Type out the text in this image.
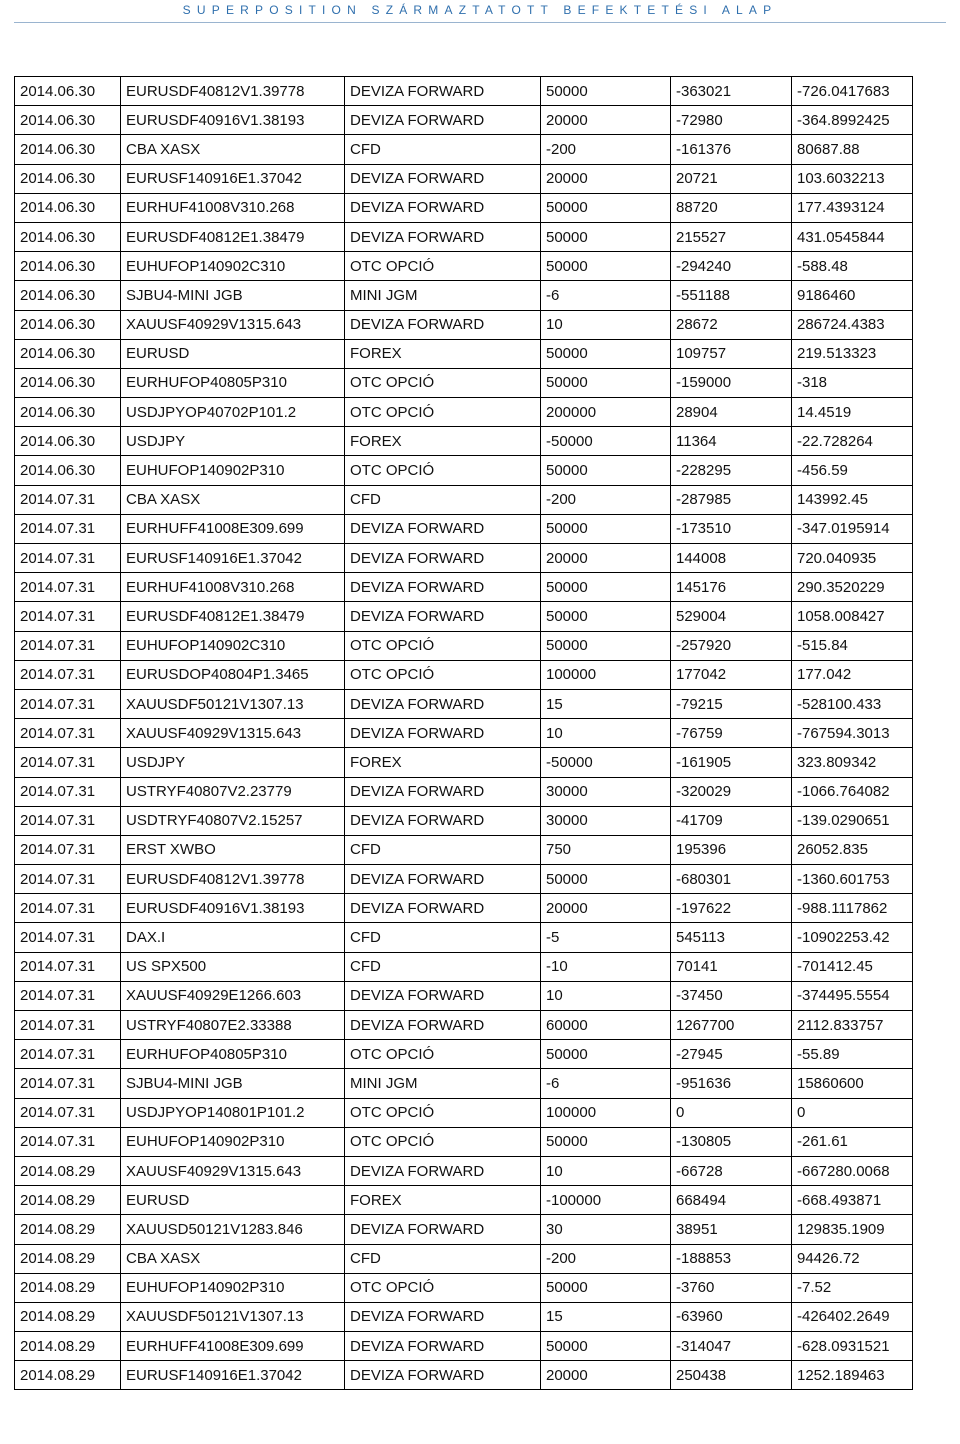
SUPERPOSITION SZÁRMAZTATOTT BEFEKTETÉSI ALAP
2014.06.30	EURUSDF40812V1.39778	DEVIZA FORWARD	50000	-363021	-726.0417683
2014.06.30	EURUSDF40916V1.38193	DEVIZA FORWARD	20000	-72980	-364.8992425
2014.06.30	CBA XASX	CFD	-200	-161376	80687.88
2014.06.30	EURUSF140916E1.37042	DEVIZA FORWARD	20000	20721	103.6032213
2014.06.30	EURHUF41008V310.268	DEVIZA FORWARD	50000	88720	177.4393124
2014.06.30	EURUSDF40812E1.38479	DEVIZA FORWARD	50000	215527	431.0545844
2014.06.30	EUHUFOP140902C310	OTC OPCIÓ	50000	-294240	-588.48
2014.06.30	SJBU4-MINI JGB	MINI JGM	-6	-551188	9186460
2014.06.30	XAUUSF40929V1315.643	DEVIZA FORWARD	10	28672	286724.4383
2014.06.30	EURUSD	FOREX	50000	109757	219.513323
2014.06.30	EURHUFOP40805P310	OTC OPCIÓ	50000	-159000	-318
2014.06.30	USDJPYOP40702P101.2	OTC OPCIÓ	200000	28904	14.4519
2014.06.30	USDJPY	FOREX	-50000	11364	-22.728264
2014.06.30	EUHUFOP140902P310	OTC OPCIÓ	50000	-228295	-456.59
2014.07.31	CBA XASX	CFD	-200	-287985	143992.45
2014.07.31	EURHUFF41008E309.699	DEVIZA FORWARD	50000	-173510	-347.0195914
2014.07.31	EURUSF140916E1.37042	DEVIZA FORWARD	20000	144008	720.040935
2014.07.31	EURHUF41008V310.268	DEVIZA FORWARD	50000	145176	290.3520229
2014.07.31	EURUSDF40812E1.38479	DEVIZA FORWARD	50000	529004	1058.008427
2014.07.31	EUHUFOP140902C310	OTC OPCIÓ	50000	-257920	-515.84
2014.07.31	EURUSDOP40804P1.3465	OTC OPCIÓ	100000	177042	177.042
2014.07.31	XAUUSDF50121V1307.13	DEVIZA FORWARD	15	-79215	-528100.433
2014.07.31	XAUUSF40929V1315.643	DEVIZA FORWARD	10	-76759	-767594.3013
2014.07.31	USDJPY	FOREX	-50000	-161905	323.809342
2014.07.31	USTRYF40807V2.23779	DEVIZA FORWARD	30000	-320029	-1066.764082
2014.07.31	USDTRYF40807V2.15257	DEVIZA FORWARD	30000	-41709	-139.0290651
2014.07.31	ERST XWBO	CFD	750	195396	26052.835
2014.07.31	EURUSDF40812V1.39778	DEVIZA FORWARD	50000	-680301	-1360.601753
2014.07.31	EURUSDF40916V1.38193	DEVIZA FORWARD	20000	-197622	-988.1117862
2014.07.31	DAX.I	CFD	-5	545113	-10902253.42
2014.07.31	US SPX500	CFD	-10	70141	-701412.45
2014.07.31	XAUUSF40929E1266.603	DEVIZA FORWARD	10	-37450	-374495.5554
2014.07.31	USTRYF40807E2.33388	DEVIZA FORWARD	60000	1267700	2112.833757
2014.07.31	EURHUFOP40805P310	OTC OPCIÓ	50000	-27945	-55.89
2014.07.31	SJBU4-MINI JGB	MINI JGM	-6	-951636	15860600
2014.07.31	USDJPYOP140801P101.2	OTC OPCIÓ	100000	0	0
2014.07.31	EUHUFOP140902P310	OTC OPCIÓ	50000	-130805	-261.61
2014.08.29	XAUUSF40929V1315.643	DEVIZA FORWARD	10	-66728	-667280.0068
2014.08.29	EURUSD	FOREX	-100000	668494	-668.493871
2014.08.29	XAUUSD50121V1283.846	DEVIZA FORWARD	30	38951	129835.1909
2014.08.29	CBA XASX	CFD	-200	-188853	94426.72
2014.08.29	EUHUFOP140902P310	OTC OPCIÓ	50000	-3760	-7.52
2014.08.29	XAUUSDF50121V1307.13	DEVIZA FORWARD	15	-63960	-426402.2649
2014.08.29	EURHUFF41008E309.699	DEVIZA FORWARD	50000	-314047	-628.0931521
2014.08.29	EURUSF140916E1.37042	DEVIZA FORWARD	20000	250438	1252.189463
